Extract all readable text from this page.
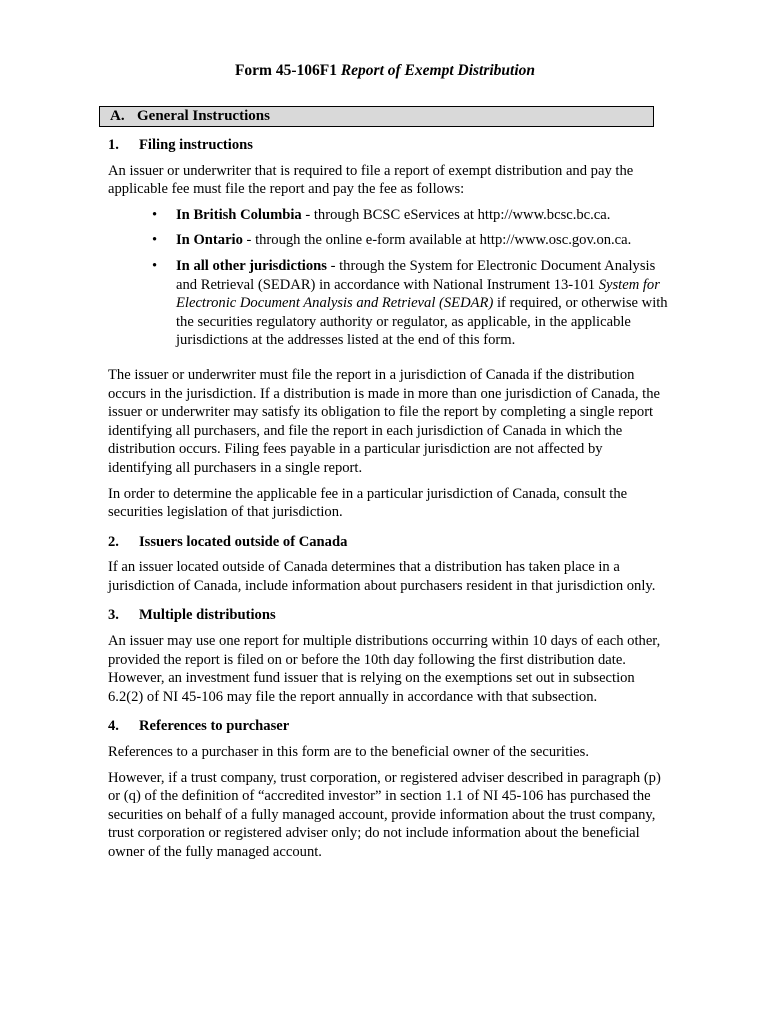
Form 45-106F1 Report of Exempt Distribution
A. General Instructions
1. Filing instructions

An issuer or underwriter that is required to file a report of exempt distribution and pay the applicable fee must file the report and pay the fee as follows:

• In British Columbia - through BCSC eServices at http://www.bcsc.bc.ca.
• In Ontario - through the online e-form available at http://www.osc.gov.on.ca.
• In all other jurisdictions - through the System for Electronic Document Analysis and Retrieval (SEDAR) in accordance with National Instrument 13-101 System for Electronic Document Analysis and Retrieval (SEDAR) if required, or otherwise with the securities regulatory authority or regulator, as applicable, in the applicable jurisdictions at the addresses listed at the end of this form.

The issuer or underwriter must file the report in a jurisdiction of Canada if the distribution occurs in the jurisdiction. If a distribution is made in more than one jurisdiction of Canada, the issuer or underwriter may satisfy its obligation to file the report by completing a single report identifying all purchasers, and file the report in each jurisdiction of Canada in which the distribution occurs. Filing fees payable in a particular jurisdiction are not affected by identifying all purchasers in a single report.

In order to determine the applicable fee in a particular jurisdiction of Canada, consult the securities legislation of that jurisdiction.

2. Issuers located outside of Canada

If an issuer located outside of Canada determines that a distribution has taken place in a jurisdiction of Canada, include information about purchasers resident in that jurisdiction only.

3. Multiple distributions

An issuer may use one report for multiple distributions occurring within 10 days of each other, provided the report is filed on or before the 10th day following the first distribution date. However, an investment fund issuer that is relying on the exemptions set out in subsection 6.2(2) of NI 45-106 may file the report annually in accordance with that subsection.

4. References to purchaser

References to a purchaser in this form are to the beneficial owner of the securities.

However, if a trust company, trust corporation, or registered adviser described in paragraph (p) or (q) of the definition of “accredited investor” in section 1.1 of NI 45-106 has purchased the securities on behalf of a fully managed account, provide information about the trust company, trust corporation or registered adviser only; do not include information about the beneficial owner of the fully managed account.
